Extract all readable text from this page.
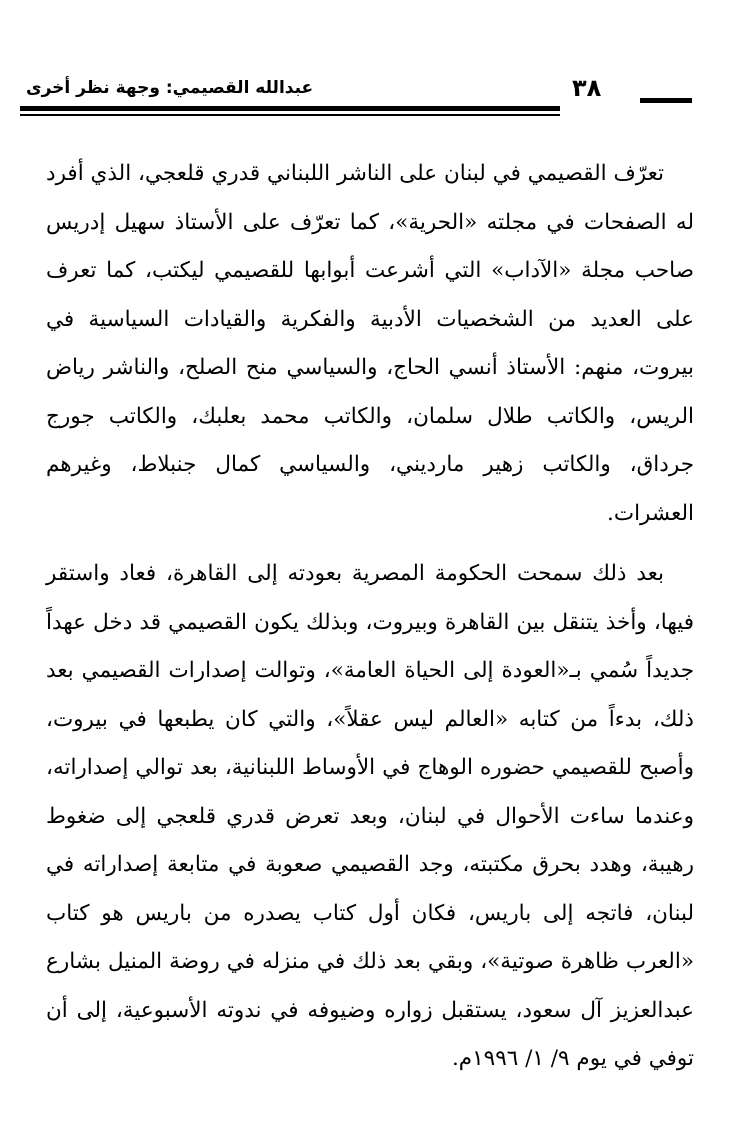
عبدالله القصيمي: وجهة نظر أخرى	٣٨

تعرّف القصيمي في لبنان على الناشر اللبناني قدري قلعجي، الذي أفرد له الصفحات في مجلته «الحرية»، كما تعرّف على الأستاذ سهيل إدريس صاحب مجلة «الآداب» التي أشرعت أبوابها للقصيمي ليكتب، كما تعرف على العديد من الشخصيات الأدبية والفكرية والقيادات السياسية في بيروت، منهم: الأستاذ أنسي الحاج، والسياسي منح الصلح، والناشر رياض الريس، والكاتب طلال سلمان، والكاتب محمد بعلبك، والكاتب جورج جرداق، والكاتب زهير مارديني، والسياسي كمال جنبلاط، وغيرهم العشرات.

بعد ذلك سمحت الحكومة المصرية بعودته إلى القاهرة، فعاد واستقر فيها، وأخذ يتنقل بين القاهرة وبيروت، وبذلك يكون القصيمي قد دخل عهداً جديداً سُمي بـ«العودة إلى الحياة العامة»، وتوالت إصدارات القصيمي بعد ذلك، بدءاً من كتابه «العالم ليس عقلاً»، والتي كان يطبعها في بيروت، وأصبح للقصيمي حضوره الوهاج في الأوساط اللبنانية، بعد توالي إصداراته، وعندما ساءت الأحوال في لبنان، وبعد تعرض قدري قلعجي إلى ضغوط رهيبة، وهدد بحرق مكتبته، وجد القصيمي صعوبة في متابعة إصداراته في لبنان، فاتجه إلى باريس، فكان أول كتاب يصدره من باريس هو كتاب «العرب ظاهرة صوتية»، وبقي بعد ذلك في منزله في روضة المنيل بشارع عبدالعزيز آل سعود، يستقبل زواره وضيوفه في ندوته الأسبوعية، إلى أن توفي في يوم ٩/ ١/ ١٩٩٦م.
